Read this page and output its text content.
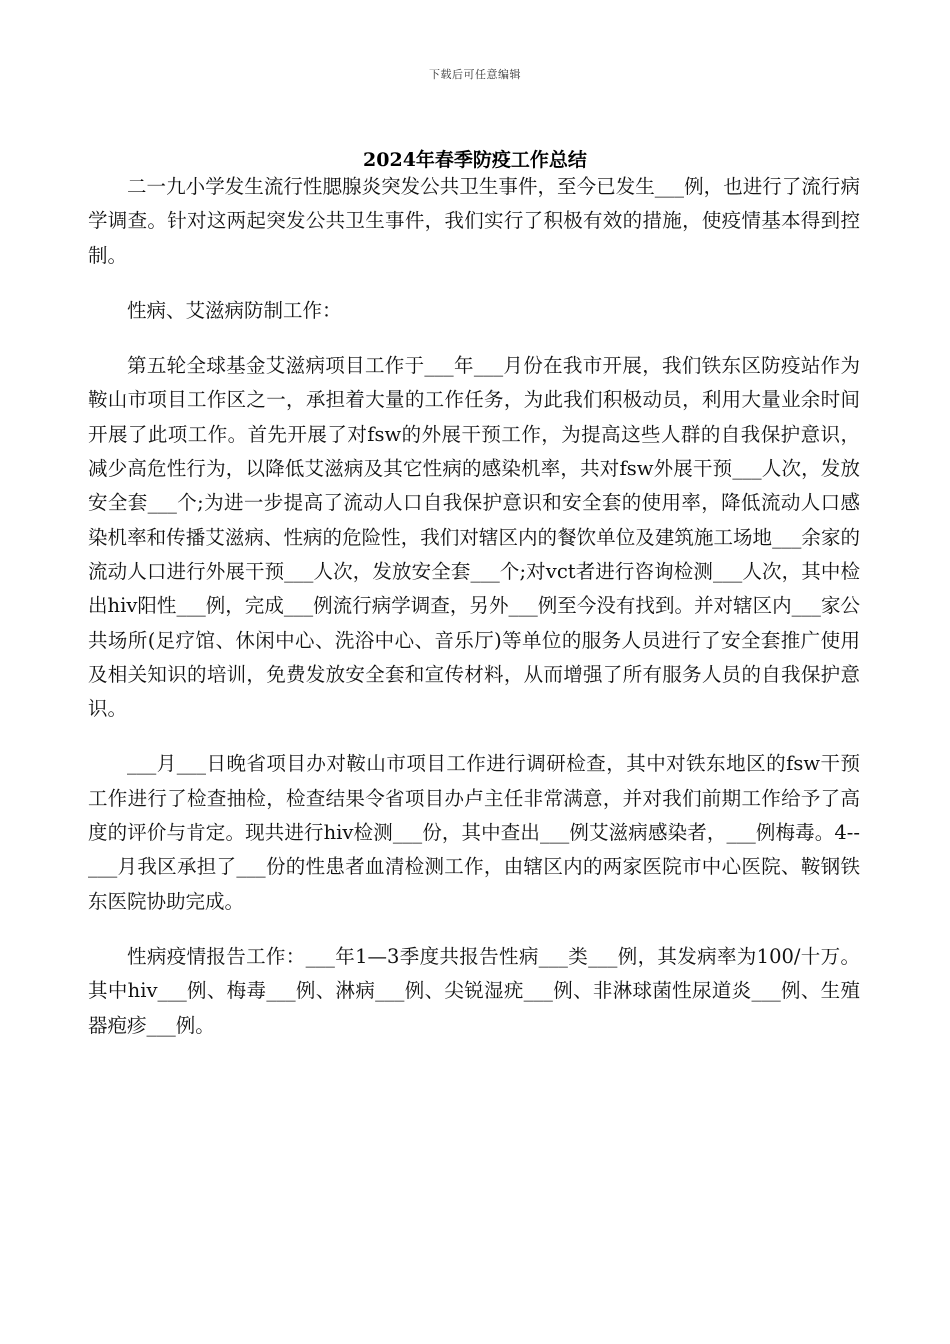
下载后可任意编辑
2024年春季防疫工作总结

二一九小学发生流行性腮腺炎突发公共卫生事件，至今已发生___例，也进行了流行病学调查。针对这两起突发公共卫生事件，我们实行了积极有效的措施，使疫情基本得到控制。

性病、艾滋病防制工作：

第五轮全球基金艾滋病项目工作于___年___月份在我市开展，我们铁东区防疫站作为鞍山市项目工作区之一，承担着大量的工作任务，为此我们积极动员，利用大量业余时间开展了此项工作。首先开展了对fsw的外展干预工作，为提高这些人群的自我保护意识，减少高危性行为，以降低艾滋病及其它性病的感染机率，共对fsw外展干预___人次，发放安全套___个;为进一步提高了流动人口自我保护意识和安全套的使用率，降低流动人口感染机率和传播艾滋病、性病的危险性，我们对辖区内的餐饮单位及建筑施工场地___余家的流动人口进行外展干预___人次，发放安全套___个;对vct者进行咨询检测___人次，其中检出hiv阳性___例，完成___例流行病学调查，另外___例至今没有找到。并对辖区内___家公共场所(足疗馆、休闲中心、洗浴中心、音乐厅)等单位的服务人员进行了安全套推广使用及相关知识的培训，免费发放安全套和宣传材料，从而增强了所有服务人员的自我保护意识。

___月___日晚省项目办对鞍山市项目工作进行调研检查，其中对铁东地区的fsw干预工作进行了检查抽检，检查结果令省项目办卢主任非常满意，并对我们前期工作给予了高度的评价与肯定。现共进行hiv检测___份，其中查出___例艾滋病感染者，___例梅毒。4--___月我区承担了___份的性患者血清检测工作，由辖区内的两家医院市中心医院、鞍钢铁东医院协助完成。

性病疫情报告工作：___年1—3季度共报告性病___类___例，其发病率为100/十万。其中hiv___例、梅毒___例、淋病___例、尖锐湿疣___例、非淋球菌性尿道炎___例、生殖器疱疹___例。
